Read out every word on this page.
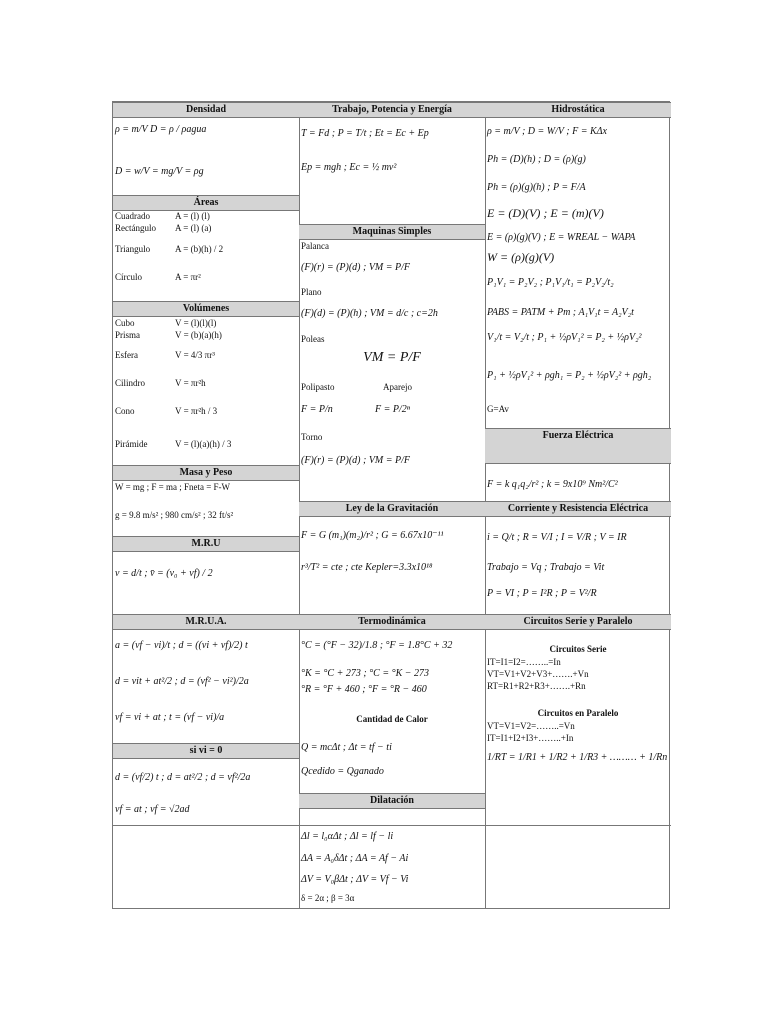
Densidad
ρ = m/V D = ρ / ρagua
D = w/V = mg/V = ρg
Áreas
Cuadrado	A = (l) (l)
Rectángulo A = (l) (a)
Triangulo	A = (b)(h) / 2
Círculo	A = πr²
Volúmenes
Cubo	V = (l)(l)(l)
Prisma	V = (b)(a)(h)
Esfera	V = 4/3 πr³
Cilindro	V = πr²h
Cono	V = πr²h / 3
Pirámide	V = (l)(a)(h) / 3
Masa y Peso
W = mg ; F = ma ; Fneta = F-W
g = 9.8 m/s² ; 980 cm/s² ; 32 ft/s²
M.R.U
v = d/t ; v̄ = (v₀ + vf) / 2
M.R.U.A.
a = (vf − vi)/t ; d = ((vi + vf)/2) t
d = vit + at²/2 ; d = (vf² − vi²)/2a
vf = vi + at ; t = (vf − vi)/a
si vi = 0
d = (vf/2) t ; d = at²/2 ; d = vf²/2a
vf = at ; vf = √2ad
Trabajo, Potencia y Energía
T = Fd ; P = T/t ; Et = Ec + Ep
Ep = mgh ; Ec = ½ mv²
Maquinas Simples
Palanca
(F)(r) = (P)(d) ; VM = P/F
Plano
(F)(d) = (P)(h) ; VM = d/c ; c=2h
Poleas
VM = P/F
Polipasto	Aparejo
F = P/n	F = P/2ⁿ
Torno
(F)(r) = (P)(d) ; VM = P/F
Ley de la Gravitación
F = G (m₁)(m₂)/r² ; G = 6.67x10⁻¹¹
r³/T² = cte ; cte Kepler=3.3x10¹⁸
Termodinámica
°C = (°F − 32)/1.8 ; °F = 1.8°C + 32
°K = °C + 273 ; °C = °K − 273
°R = °F + 460 ; °F = °R − 460
Cantidad de Calor
Q = mcΔt ; Δt = tf − ti
Qcedido = Qganado
Dilatación
Δl = l₀αΔt ; Δl = lf − li
ΔA = A₀δΔt ; ΔA = Af − Ai
ΔV = V₀βΔt ; ΔV = Vf − Vi
δ = 2α ; β = 3α
Hidrostática
ρ = m/V ; D = W/V ; F = KΔx
Ph = (D)(h) ; D = (ρ)(g)
Ph = (ρ)(g)(h) ; P = F/A
E = (D)(V) ; E = (m)(V)
E = (ρ)(g)(V) ; E = WREAL − WAPA
W = (ρ)(g)(V)
P₁V₁ = P₂V₂ ; P₁V₁/t₁ = P₂V₂/t₂
PABS = PATM + Pm ; A₁V₁t = A₂V₂t
V₁/t = V₂/t ; P₁ + ½ρV₁² = P₂ + ½ρV₂²
P₁ + ½ρV₁² + ρgh₁ = P₂ + ½ρV₂² + ρgh₂
G=Av
Fuerza Eléctrica
F = k q₁q₂/r² ; k = 9x10⁹ Nm²/C²
Corriente y Resistencia Eléctrica
i = Q/t ; R = V/I ; I = V/R ; V = IR
Trabajo = Vq ; Trabajo = Vit
P = VI ; P = I²R ; P = V²/R
Circuitos Serie y Paralelo
Circuitos Serie
IT=I1=I2=……..=In
VT=V1+V2+V3+…….+Vn
RT=R1+R2+R3+…….+Rn
Circuitos en Paralelo
VT=V1=V2=……..=Vn
IT=I1+I2+I3+……..+In
1/RT = 1/R1 + 1/R2 + 1/R3 + ……… + 1/Rn
